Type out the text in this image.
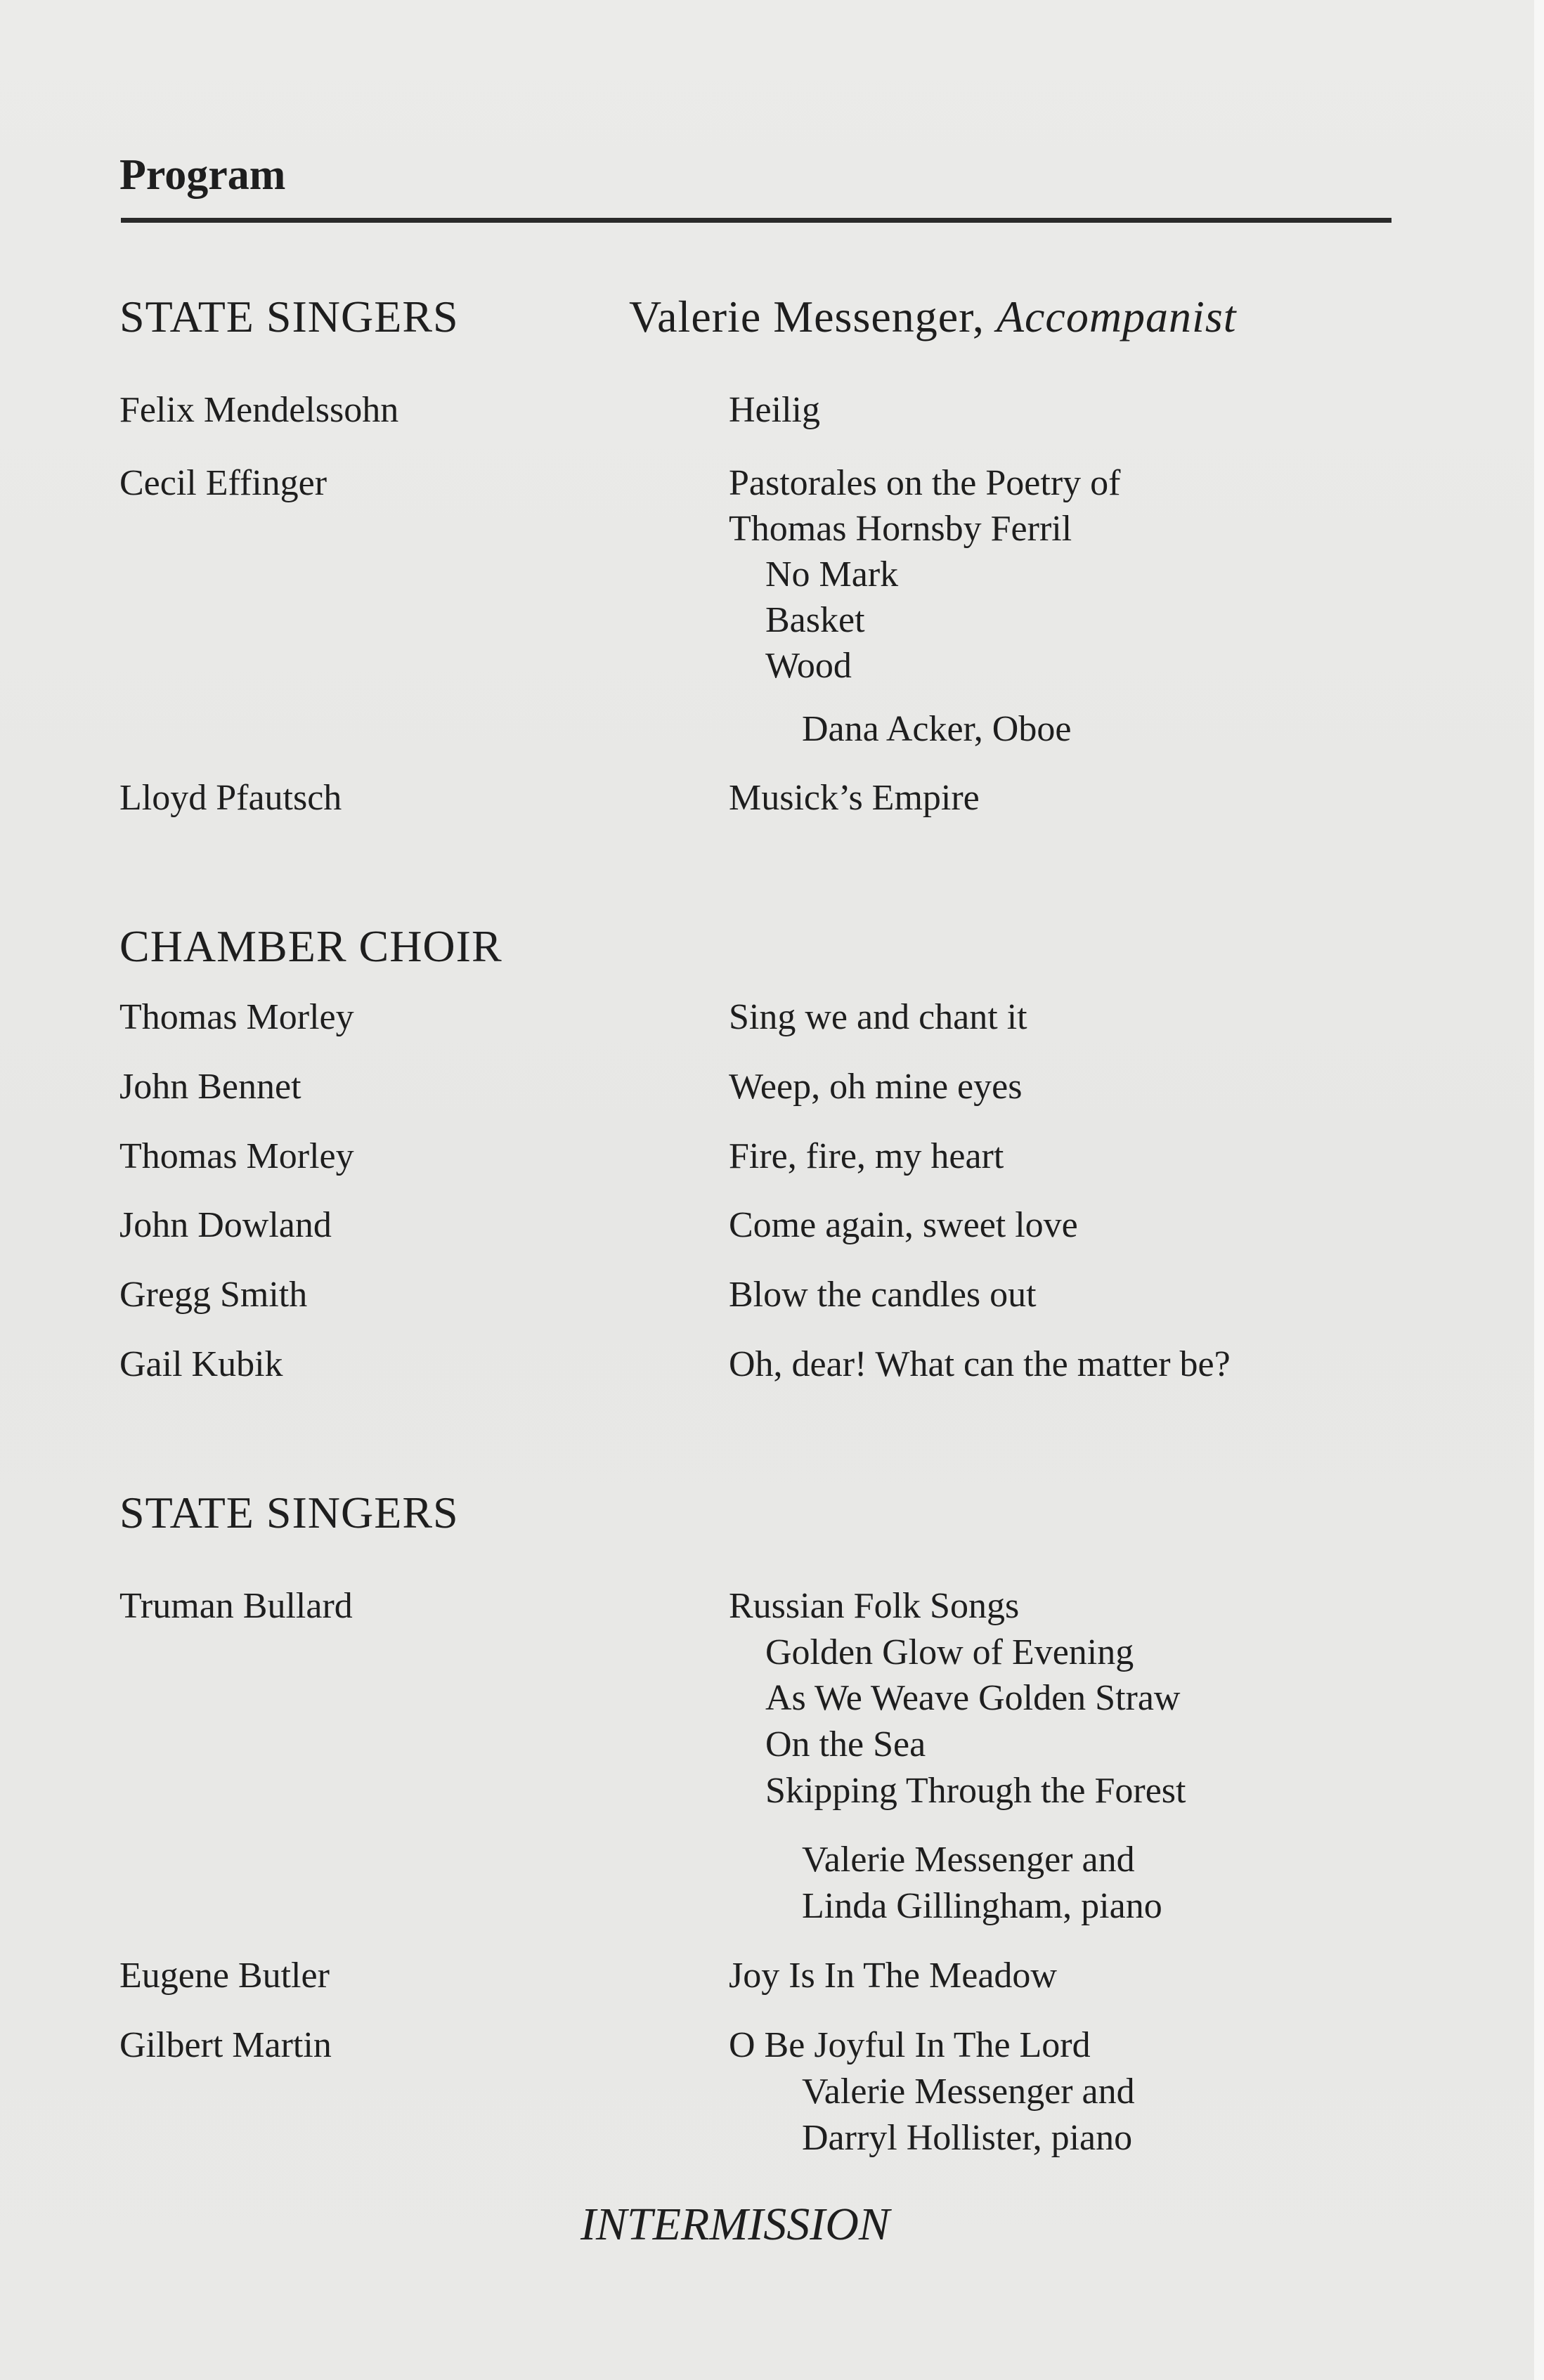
Program
STATE SINGERS	Valerie Messenger, Accompanist
Felix Mendelssohn	Heilig
Cecil Effinger	Pastorales on the Poetry of
Thomas Hornsby Ferril
No Mark
Basket
Wood
Dana Acker, Oboe
Lloyd Pfautsch	Musick’s Empire
CHAMBER CHOIR
Thomas Morley	Sing we and chant it
John Bennet	Weep, oh mine eyes
Thomas Morley	Fire, fire, my heart
John Dowland	Come again, sweet love
Gregg Smith	Blow the candles out
Gail Kubik	Oh, dear! What can the matter be?
STATE SINGERS
Truman Bullard	Russian Folk Songs
Golden Glow of Evening
As We Weave Golden Straw
On the Sea
Skipping Through the Forest
Valerie Messenger and
Linda Gillingham, piano
Eugene Butler	Joy Is In The Meadow
Gilbert Martin	O Be Joyful In The Lord
Valerie Messenger and
Darryl Hollister, piano
INTERMISSION
